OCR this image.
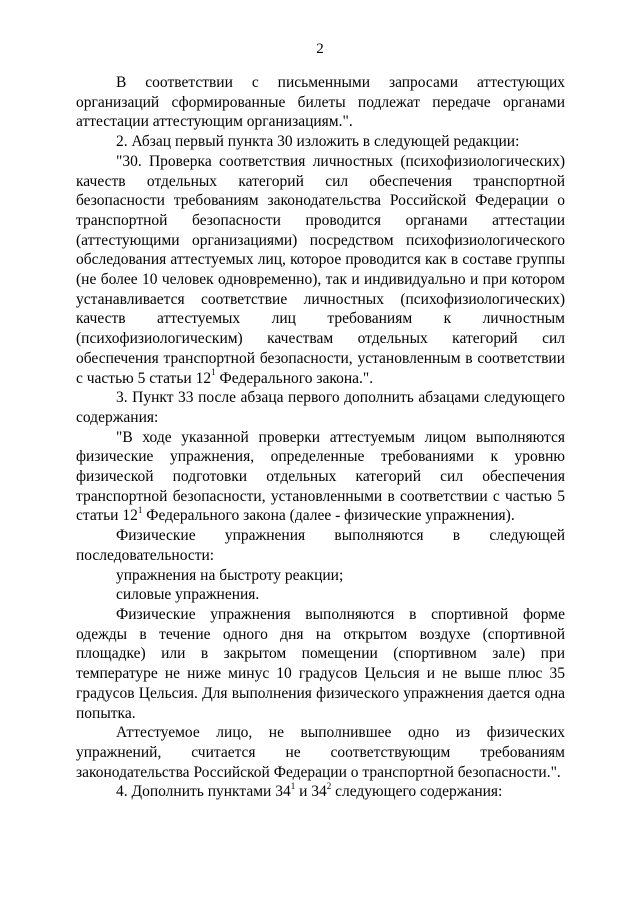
2

В соответствии с письменными запросами аттестующих организаций сформированные билеты подлежат передаче органами аттестации аттестующим организациям.".

2. Абзац первый пункта 30 изложить в следующей редакции:

"30. Проверка соответствия личностных (психофизиологических) качеств отдельных категорий сил обеспечения транспортной безопасности требованиям законодательства Российской Федерации о транспортной безопасности проводится органами аттестации (аттестующими организациями) посредством психофизиологического обследования аттестуемых лиц, которое проводится как в составе группы (не более 10 человек одновременно), так и индивидуально и при котором устанавливается соответствие личностных (психофизиологических) качеств аттестуемых лиц требованиям к личностным (психофизиологическим) качествам отдельных категорий сил обеспечения транспортной безопасности, установленным в соответствии с частью 5 статьи $12^1$ Федерального закона.".

3. Пункт 33 после абзаца первого дополнить абзацами следующего содержания:

"В ходе указанной проверки аттестуемым лицом выполняются физические упражнения, определенные требованиями к уровню физической подготовки отдельных категорий сил обеспечения транспортной безопасности, установленными в соответствии с частью 5 статьи $12^1$ Федерального закона (далее - физические упражнения).

Физические упражнения выполняются в следующей последовательности:

упражнения на быстроту реакции;

силовые упражнения.

Физические упражнения выполняются в спортивной форме одежды в течение одного дня на открытом воздухе (спортивной площадке) или в закрытом помещении (спортивном зале) при температуре не ниже минус 10 градусов Цельсия и не выше плюс 35 градусов Цельсия. Для выполнения физического упражнения дается одна попытка.

Аттестуемое лицо, не выполнившее одно из физических упражнений, считается не соответствующим требованиям законодательства Российской Федерации о транспортной безопасности.".

4. Дополнить пунктами $34^1$ и $34^2$ следующего содержания:
